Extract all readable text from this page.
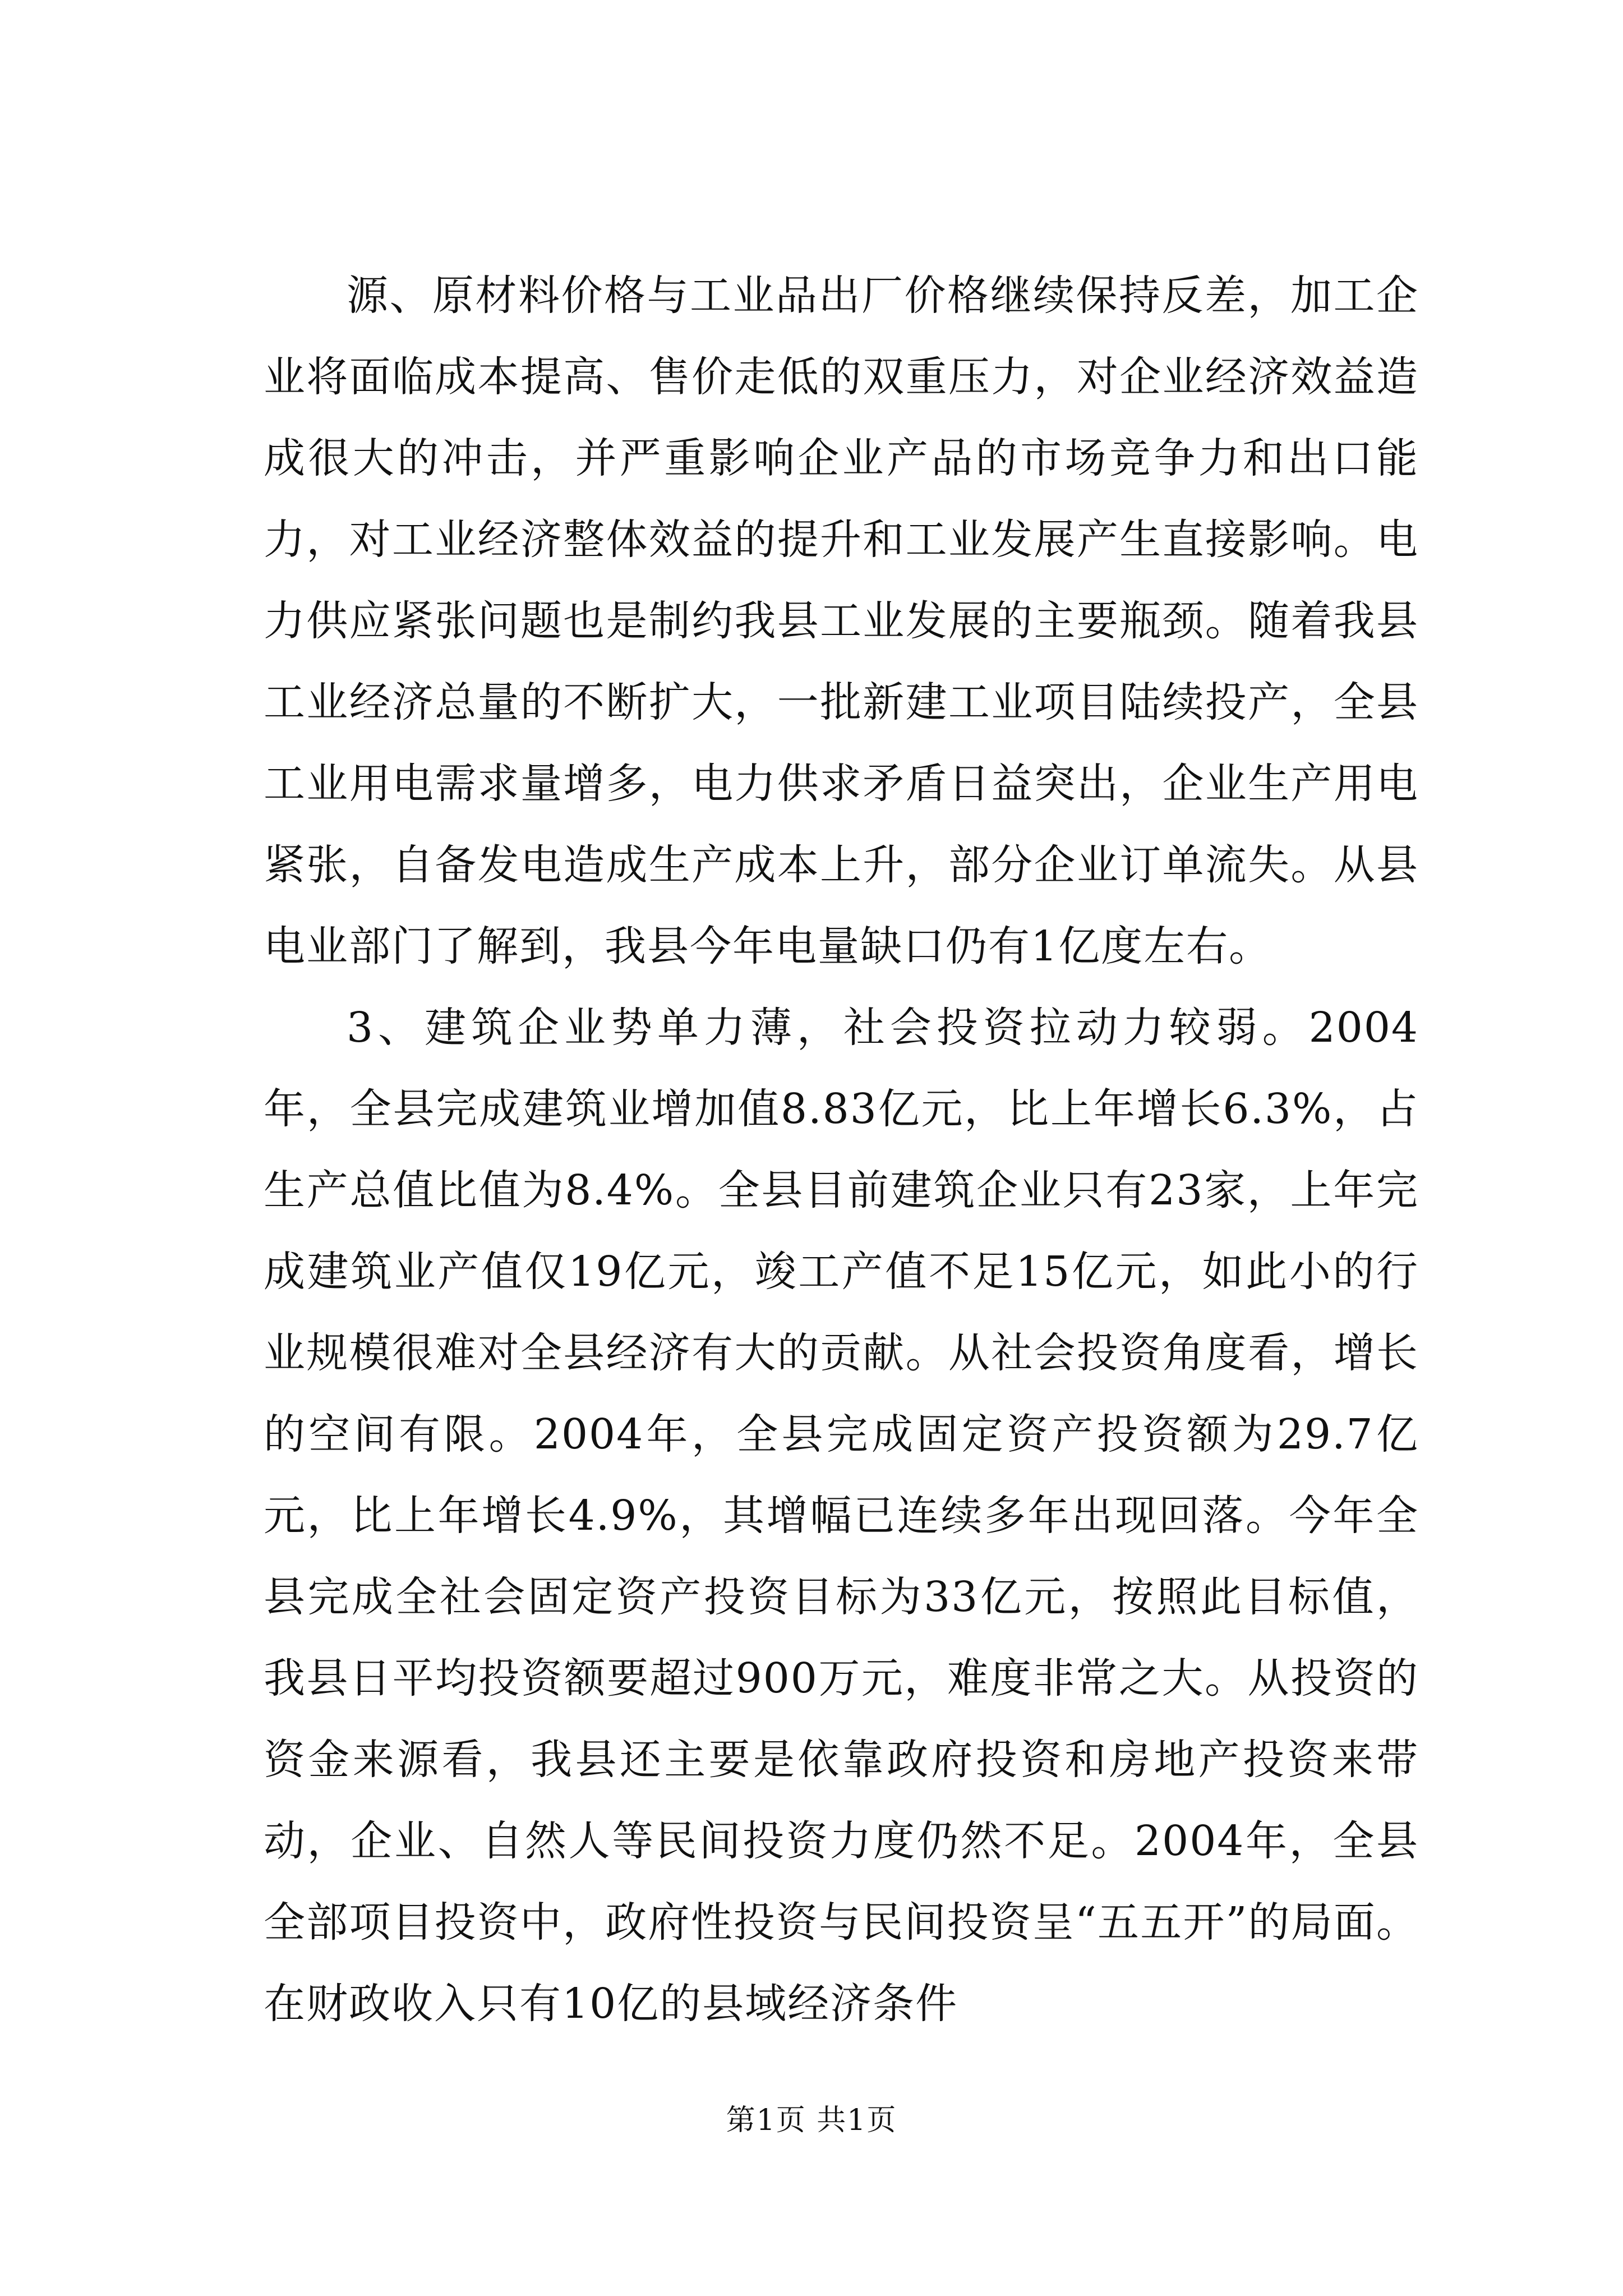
源、原材料价格与工业品出厂价格继续保持反差，加工企业将面临成本提高、售价走低的双重压力，对企业经济效益造成很大的冲击，并严重影响企业产品的市场竞争力和出口能力，对工业经济整体效益的提升和工业发展产生直接影响。电力供应紧张问题也是制约我县工业发展的主要瓶颈。随着我县工业经济总量的不断扩大，一批新建工业项目陆续投产，全县工业用电需求量增多，电力供求矛盾日益突出，企业生产用电紧张，自备发电造成生产成本上升，部分企业订单流失。从县电业部门了解到，我县今年电量缺口仍有1亿度左右。

3、建筑企业势单力薄，社会投资拉动力较弱。2004年，全县完成建筑业增加值8.83亿元，比上年增长6.3%，占生产总值比值为8.4%。全县目前建筑企业只有23家，上年完成建筑业产值仅19亿元，竣工产值不足15亿元，如此小的行业规模很难对全县经济有大的贡献。从社会投资角度看，增长的空间有限。2004年，全县完成固定资产投资额为29.7亿元，比上年增长4.9%，其增幅已连续多年出现回落。今年全县完成全社会固定资产投资目标为33亿元，按照此目标值，我县日平均投资额要超过900万元，难度非常之大。从投资的资金来源看，我县还主要是依靠政府投资和房地产投资来带动，企业、自然人等民间投资力度仍然不足。2004年，全县全部项目投资中，政府性投资与民间投资呈“五五开”的局面。在财政收入只有10亿的县域经济条件

第1页 共1页
